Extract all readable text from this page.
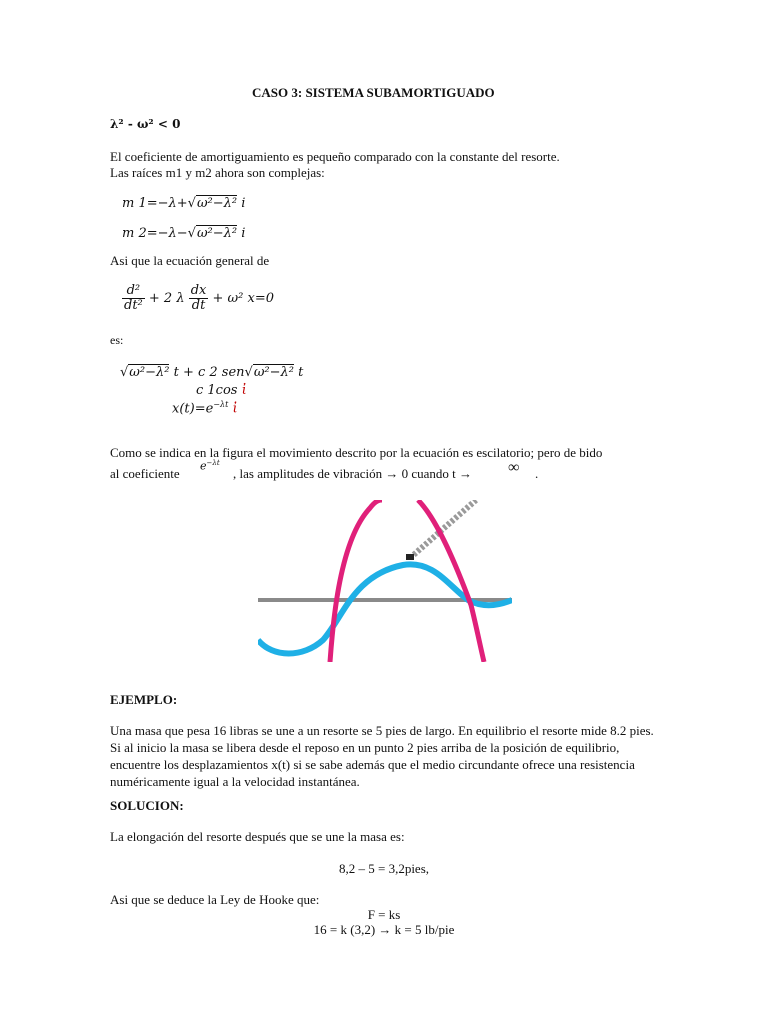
CASO 3: SISTEMA SUBAMORTIGUADO
λ² - ω² < 0
El coeficiente de amortiguamiento es pequeño comparado con la constante del resorte.
Las raíces m1 y m2 ahora son complejas:
m 1=−λ+√ω²−λ² i
m 2=−λ−√ω²−λ² i
Asi que la ecuación general de
$\frac{\text{d²}}{\text{dt²}} + 2$ λ $\frac{dx}{dt} + \omega^2$ x=0
es:
√ω²−λ² t + c 2 sen√ω²−λ² t
c 1cos ἰ
$x(t)=e^{-\lambda t}$ ἰ
Como se indica en la figura el movimiento descrito por la ecuación es escilatorio; pero de bido
al coeficiente $e^{-\lambda t}$
, las amplitudes de vibración → 0 cuando t → ∞ .
EJEMPLO:
Una masa que pesa 16 libras se une a un resorte se 5 pies de largo. En equilibrio el resorte mide 8.2 pies. Si al inicio la masa se libera desde el reposo en un punto 2 pies arriba de la posición de equilibrio, encuentre los desplazamientos x(t) si se sabe además que el medio circundante ofrece una resistencia numéricamente igual a la velocidad instantánea.
SOLUCION:
La elongación del resorte después que se une la masa es:
8,2 – 5 = 3,2pies,
Asi que se deduce la Ley de Hooke que:
F = ks
16 = k (3,2) → k = 5 lb/pie
